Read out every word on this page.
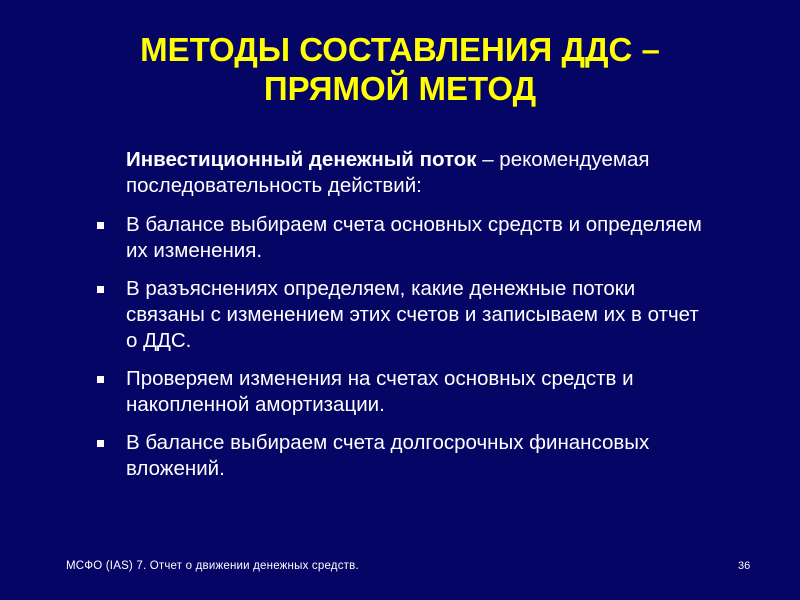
МЕТОДЫ СОСТАВЛЕНИЯ ДДС –
ПРЯМОЙ МЕТОД

Инвестиционный денежный поток – рекомендуемая последовательность действий:

В балансе выбираем счета основных средств и определяем их изменения.
В разъяснениях определяем, какие денежные потоки связаны с изменением этих счетов и записываем их в отчет о ДДС.
Проверяем изменения на счетах основных средств и накопленной амортизации.
В балансе выбираем счета долгосрочных финансовых вложений.
МСФО (IAS) 7. Отчет о движении денежных средств.	36
